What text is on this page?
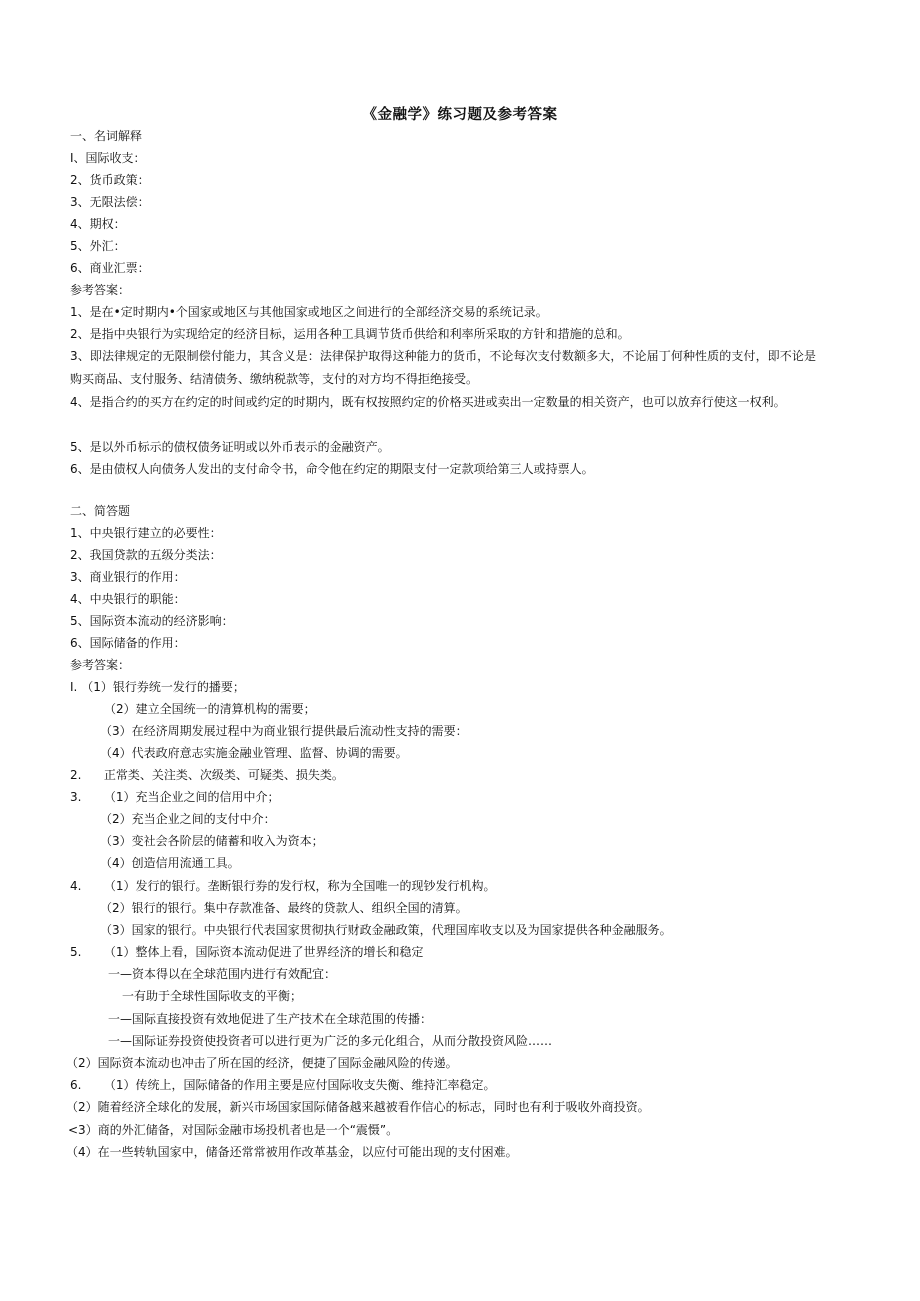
《金融学》练习题及参考答案
一、名词解释
I、国际收支：
2、货币政策：
3、无限法偿：
4、期权：
5、外汇：
6、商业汇票：
参考答案：
1、是在•定时期内•个国家或地区与其他国家或地区之间进行的全部经济交易的系统记录。
2、是指中央银行为实现给定的经济目标，运用各种工具调节货币供给和利率所采取的方针和措施的总和。
3、即法律规定的无限制偿付能力，其含义是：法律保护取得这种能力的货币，不论每次支付数额多大，不论届丁何种性质的支付，即不论是购买商品、支付服务、结清债务、缴纳税款等，支付的对方均不得拒绝接受。
4、是指合约的买方在约定的时间或约定的时期内，既有权按照约定的价格买进或卖出一定数量的相关资产，也可以放弃行使这一权利。
5、是以外币标示的债权债务证明或以外币表示的金融资产。
6、是由债权人向债务人发出的支付命令书，命令他在约定的期限支付一定款项给第三人或持票人。
二、简答题
1、中央银行建立的必要性：
2、我国贷款的五级分类法：
3、商业银行的作用：
4、中央银行的职能：
5、国际资本流动的经济影响：
6、国际储备的作用：
参考答案：
I. （1）银行券统一发行的播要；
（2）建立全国统一的清算机构的需要；
（3）在经济周期发展过程中为商业银行提供最后流动性支持的需要：
（4）代表政府意志实施金融业管理、监督、协调的需要。
2. 正常类、关注类、次级类、可疑类、损失类。
3. （1）充当企业之间的信用中介；
（2）充当企业之间的支付中介：
（3）变社会各阶层的储蓄和收入为资本；
（4）创造信用流通工具。
4. （1）发行的银行。垄断银行券的发行权，称为全国唯一的现钞发行机构。
（2）银行的银行。集中存款准备、最终的贷款人、组织全国的清算。
（3）国家的银行。中央银行代表国家贯彻执行财政金融政策，代理国库收支以及为国家提供各种金融服务。
5. （1）整体上看，国际资本流动促进了世界经济的增长和稳定
一—资本得以在全球范围内进行有效配宜：
一有助于全球性国际收支的平衡；
一—国际直接投资有效地促进了生产技术在全球范围的传播：
一—国际证券投资使投资者可以进行更为广泛的多元化组合，从而分散投资风险……
（2）国际资本流动也冲击了所在国的经济，便捷了国际金融风险的传递。
6. （1）传统上，国际储备的作用主要是应付国际收支失衡、维持汇率稳定。
（2）随着经济全球化的发展，新兴市场国家国际储备越来越被看作信心的标志，同时也有利于吸收外商投资。
<3）商的外汇储备，对国际金融市场投机者也是一个“震慑”。
（4）在一些转轨国家中，储备还常常被用作改革基金，以应付可能出现的支付困难。
